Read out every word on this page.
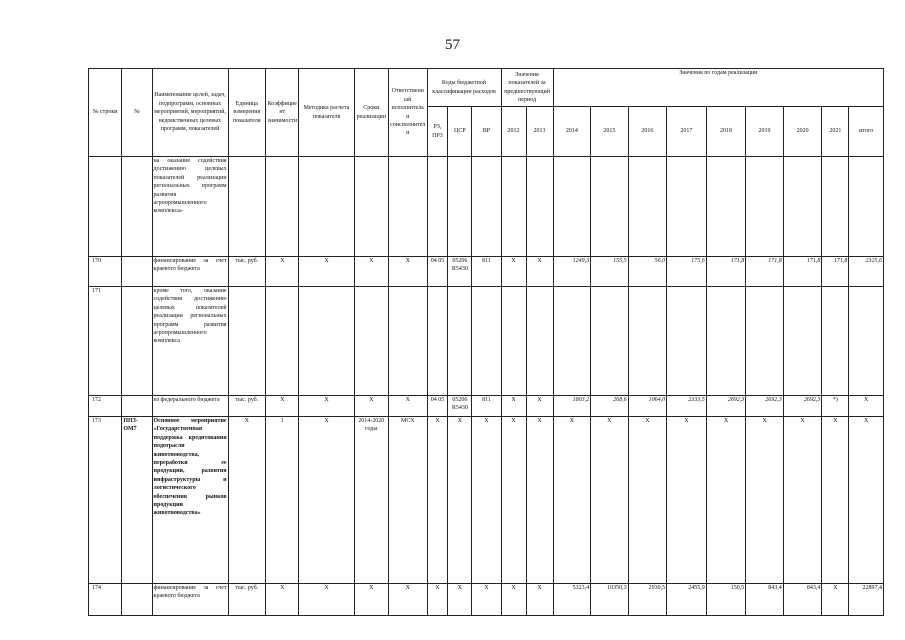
57
№ строки	№	Наименование целей, задач, подпрограмм, основных мероприятий, мероприятий, ведомственных целевых программ, показателей	Единица измерения показателя	Коэффициент значимости	Методика расчета показателя	Сроки реализации	Ответственный исполнитель и соисполнители	Коды бюджетной классификации расходов			Значения показателей за предшествующий период		Значения по годам реализации								
								РЗ, ПР3	ЦСР	ВР	2012	2013	2014	2015	2016	2017	2018	2019	2020	2021	итого
		на оказание содействия достижению целевых показателей реализации региональных программ развития агропромышленного комплекса»																			
170		финансирование за счет краевого бюджета	тыс. руб.	X	X	X	X	04 05	05206 R5430	811	X	X	1249,3	155,5	56,0	175,6	171,8	171,8	171,8	171,8	2325,6
171		кроме того, оказание содействия достижению целевых показателей реализации региональных программ развития агропромышленного комплекса																			
172		из федерального бюджета	тыс. руб.	X	X	X	X	04 05	05206 R5430	811	X	X	1803,2	268,6	1064,0	2333,5	2692,3	2692,3	2692,3	*)	X
173	ППЗ-ОМ7	Основное мероприятие «Государственная поддержка кредитования подотрасли животноводства, переработки ее продукции, развития инфраструктуры и логистического обеспечения рынков продукции животноводства»	X	1	X	2014-2020 годы	МСХ	X	X	X	X	X	X	X	X	X	X	X	X	X	X
174		финансирование за счет краевого бюджета	тыс. руб.	X	X	X	X	X	X	X	X	X	5323,4	10350,3	2930,5	2455,9	150,5	843,4	843,4	X	22897,4
